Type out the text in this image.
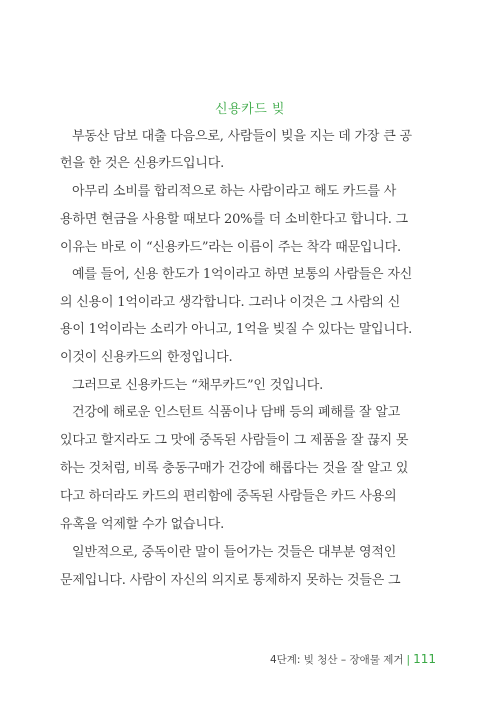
신용카드 빚
부동산 담보 대출 다음으로, 사람들이 빚을 지는 데 가장 큰 공
헌을 한 것은 신용카드입니다.
아무리 소비를 합리적으로 하는 사람이라고 해도 카드를 사
용하면 현금을 사용할 때보다 20%를 더 소비한다고 합니다. 그
이유는 바로 이 “신용카드”라는 이름이 주는 착각 때문입니다.
예를 들어, 신용 한도가 1억이라고 하면 보통의 사람들은 자신
의 신용이 1억이라고 생각합니다. 그러나 이것은 그 사람의 신
용이 1억이라는 소리가 아니고, 1억을 빚질 수 있다는 말입니다.
이것이 신용카드의 한정입니다.
그러므로 신용카드는 “채무카드”인 것입니다.
건강에 해로운 인스턴트 식품이나 담배 등의 폐해를 잘 알고
있다고 할지라도 그 맛에 중독된 사람들이 그 제품을 잘 끊지 못
하는 것처럼, 비록 충동구매가 건강에 해롭다는 것을 잘 알고 있
다고 하더라도 카드의 편리함에 중독된 사람들은 카드 사용의
유혹을 억제할 수가 없습니다.
일반적으로, 중독이란 말이 들어가는 것들은 대부분 영적인
문제입니다. 사람이 자신의 의지로 통제하지 못하는 것들은 그
4단계: 빚 청산 – 장애물 제거 | 111
